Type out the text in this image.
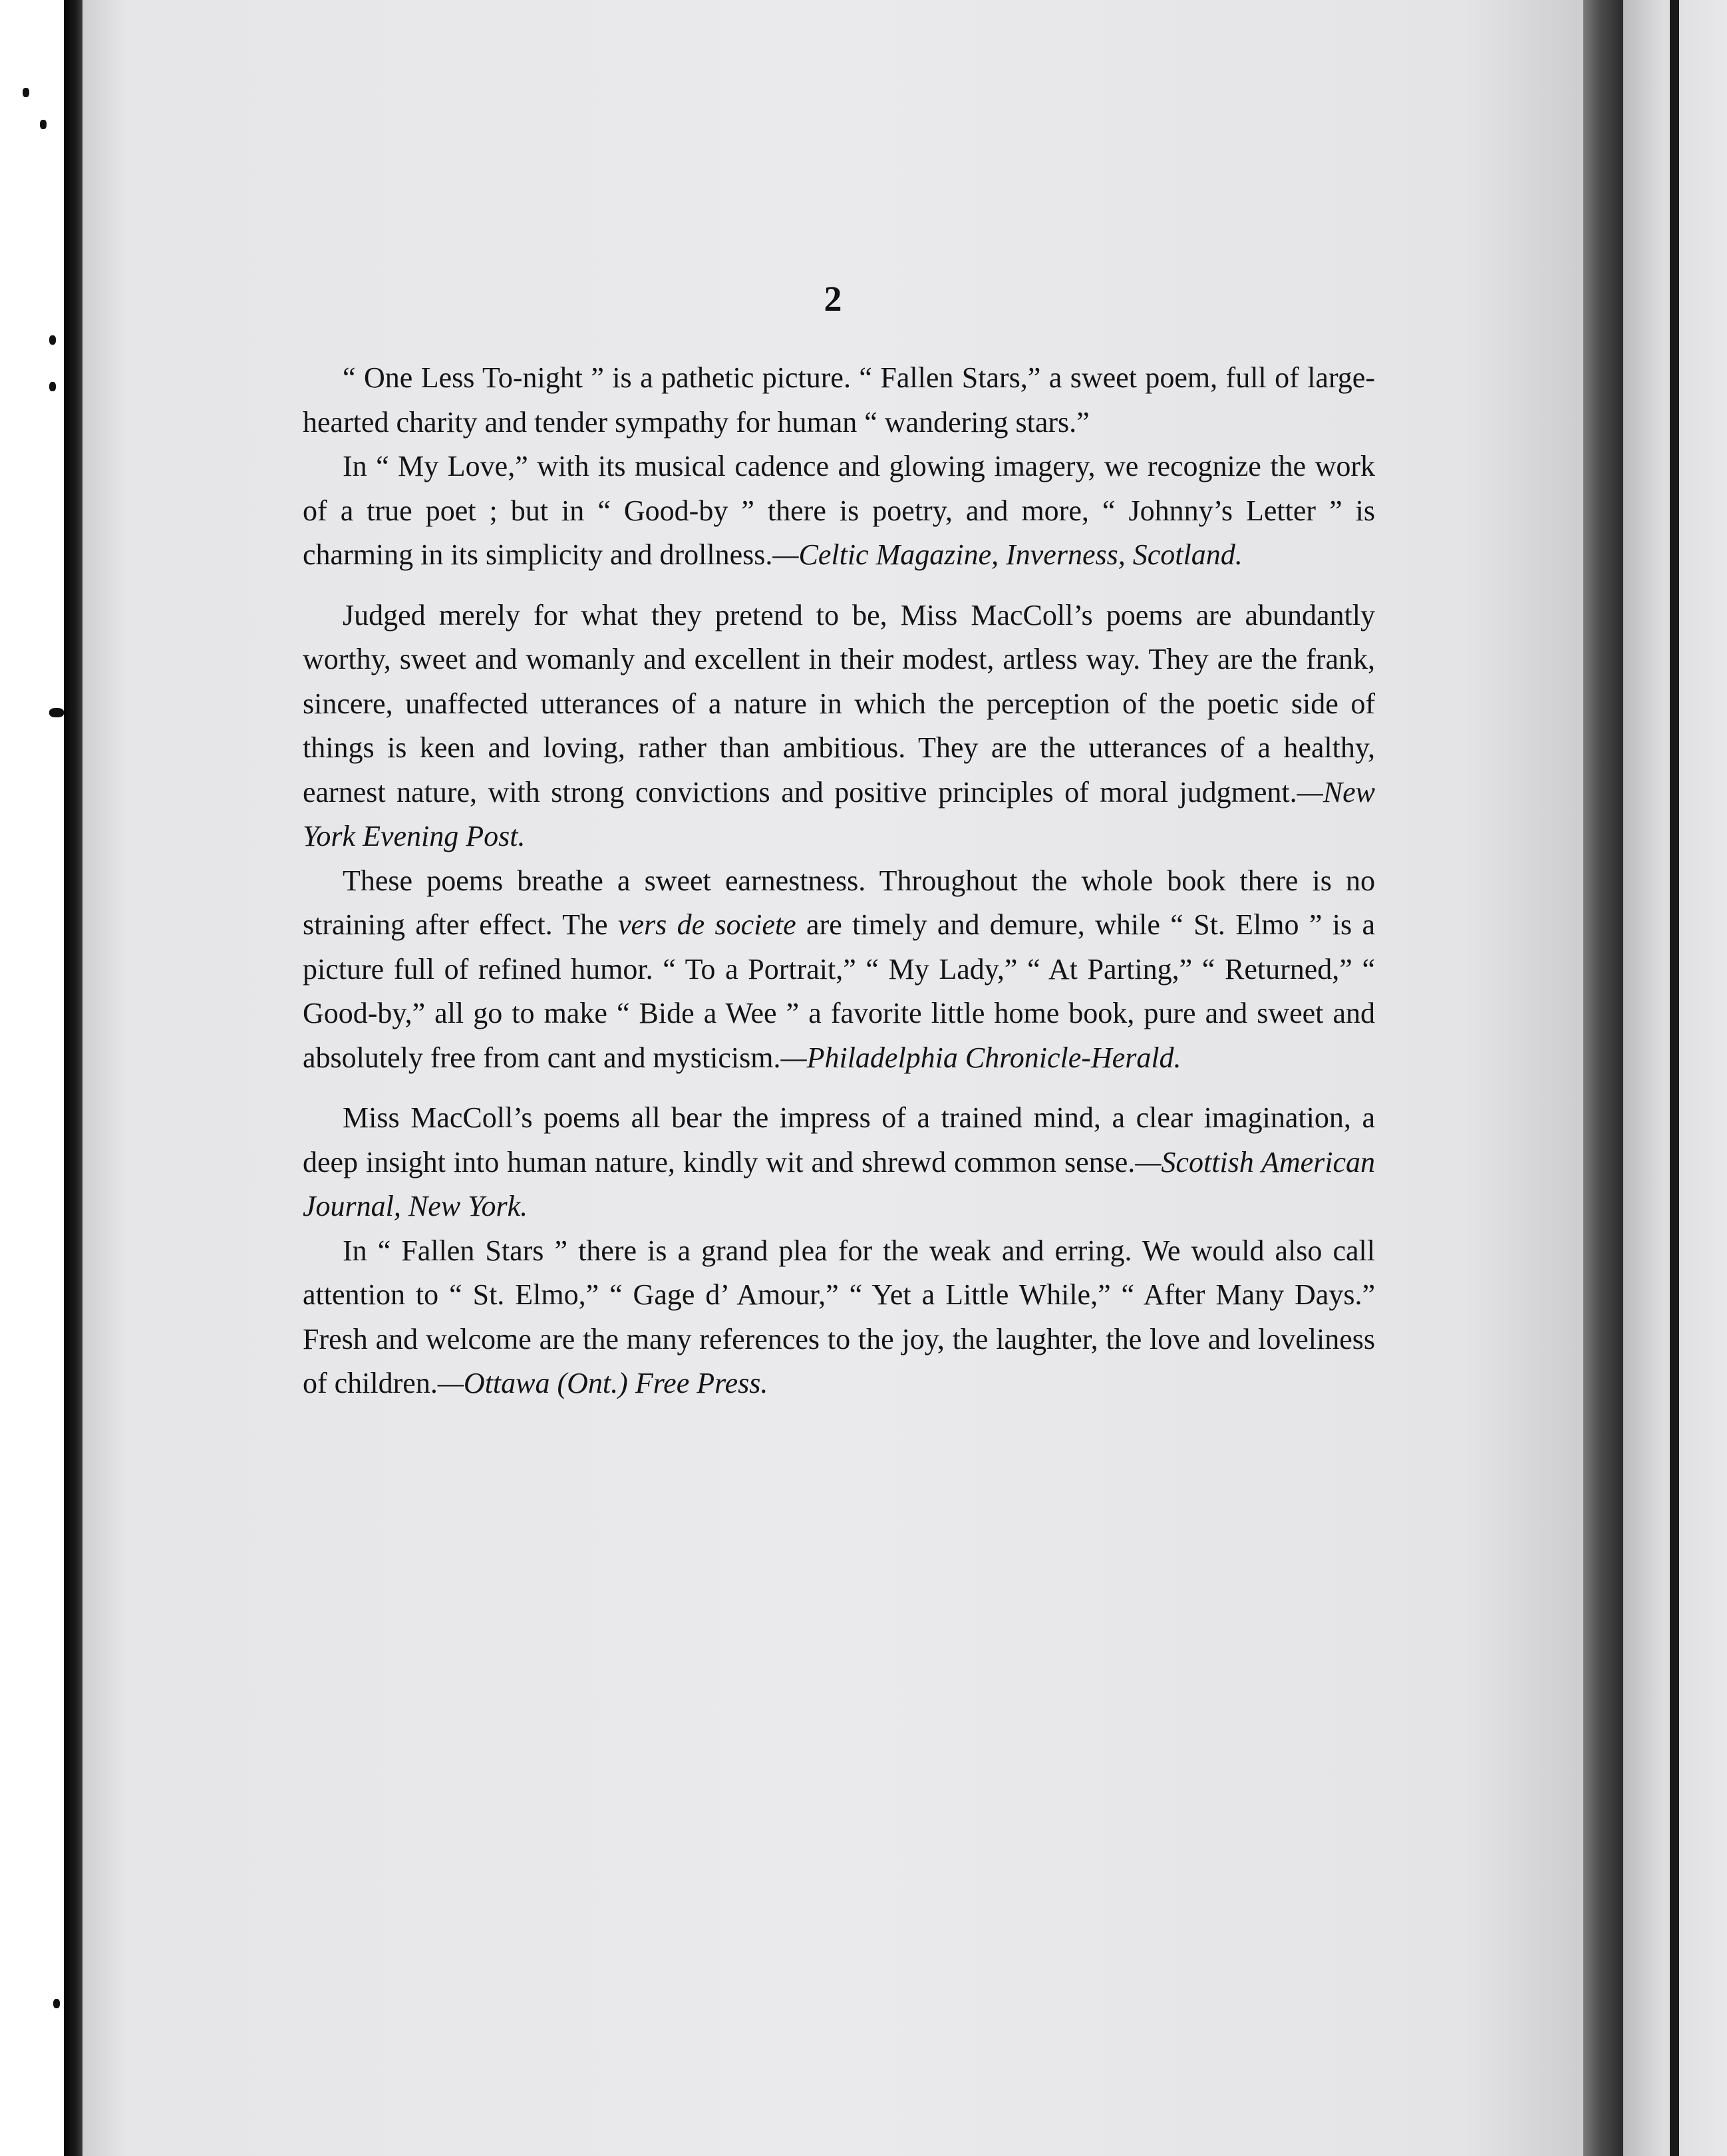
2

“ One Less To-night ” is a pathetic picture. “ Fallen Stars,” a sweet poem, full of large-hearted charity and tender sympathy for human “ wandering stars.”

In “ My Love,” with its musical cadence and glowing imagery, we recognize the work of a true poet ; but in “ Good-by ” there is poetry, and more, “ Johnny’s Letter ” is charming in its simplicity and drollness.—Celtic Magazine, Inverness, Scotland.

Judged merely for what they pretend to be, Miss MacColl’s poems are abundantly worthy, sweet and womanly and excellent in their modest, artless way. They are the frank, sincere, unaffected utterances of a nature in which the perception of the poetic side of things is keen and loving, rather than ambitious. They are the utterances of a healthy, earnest nature, with strong convictions and positive principles of moral judgment.—New York Evening Post.

These poems breathe a sweet earnestness. Throughout the whole book there is no straining after effect. The vers de societe are timely and demure, while “ St. Elmo ” is a picture full of refined humor. “ To a Portrait,” “ My Lady,” “ At Parting,” “ Returned,” “ Good-by,” all go to make “ Bide a Wee ” a favorite little home book, pure and sweet and absolutely free from cant and mysticism.—Philadelphia Chronicle-Herald.

Miss MacColl’s poems all bear the impress of a trained mind, a clear imagination, a deep insight into human nature, kindly wit and shrewd common sense.—Scottish American Journal, New York.

In “ Fallen Stars ” there is a grand plea for the weak and erring. We would also call attention to “ St. Elmo,” “ Gage d’ Amour,” “ Yet a Little While,” “ After Many Days.” Fresh and welcome are the many references to the joy, the laughter, the love and loveliness of children.—Ottawa (Ont.) Free Press.
